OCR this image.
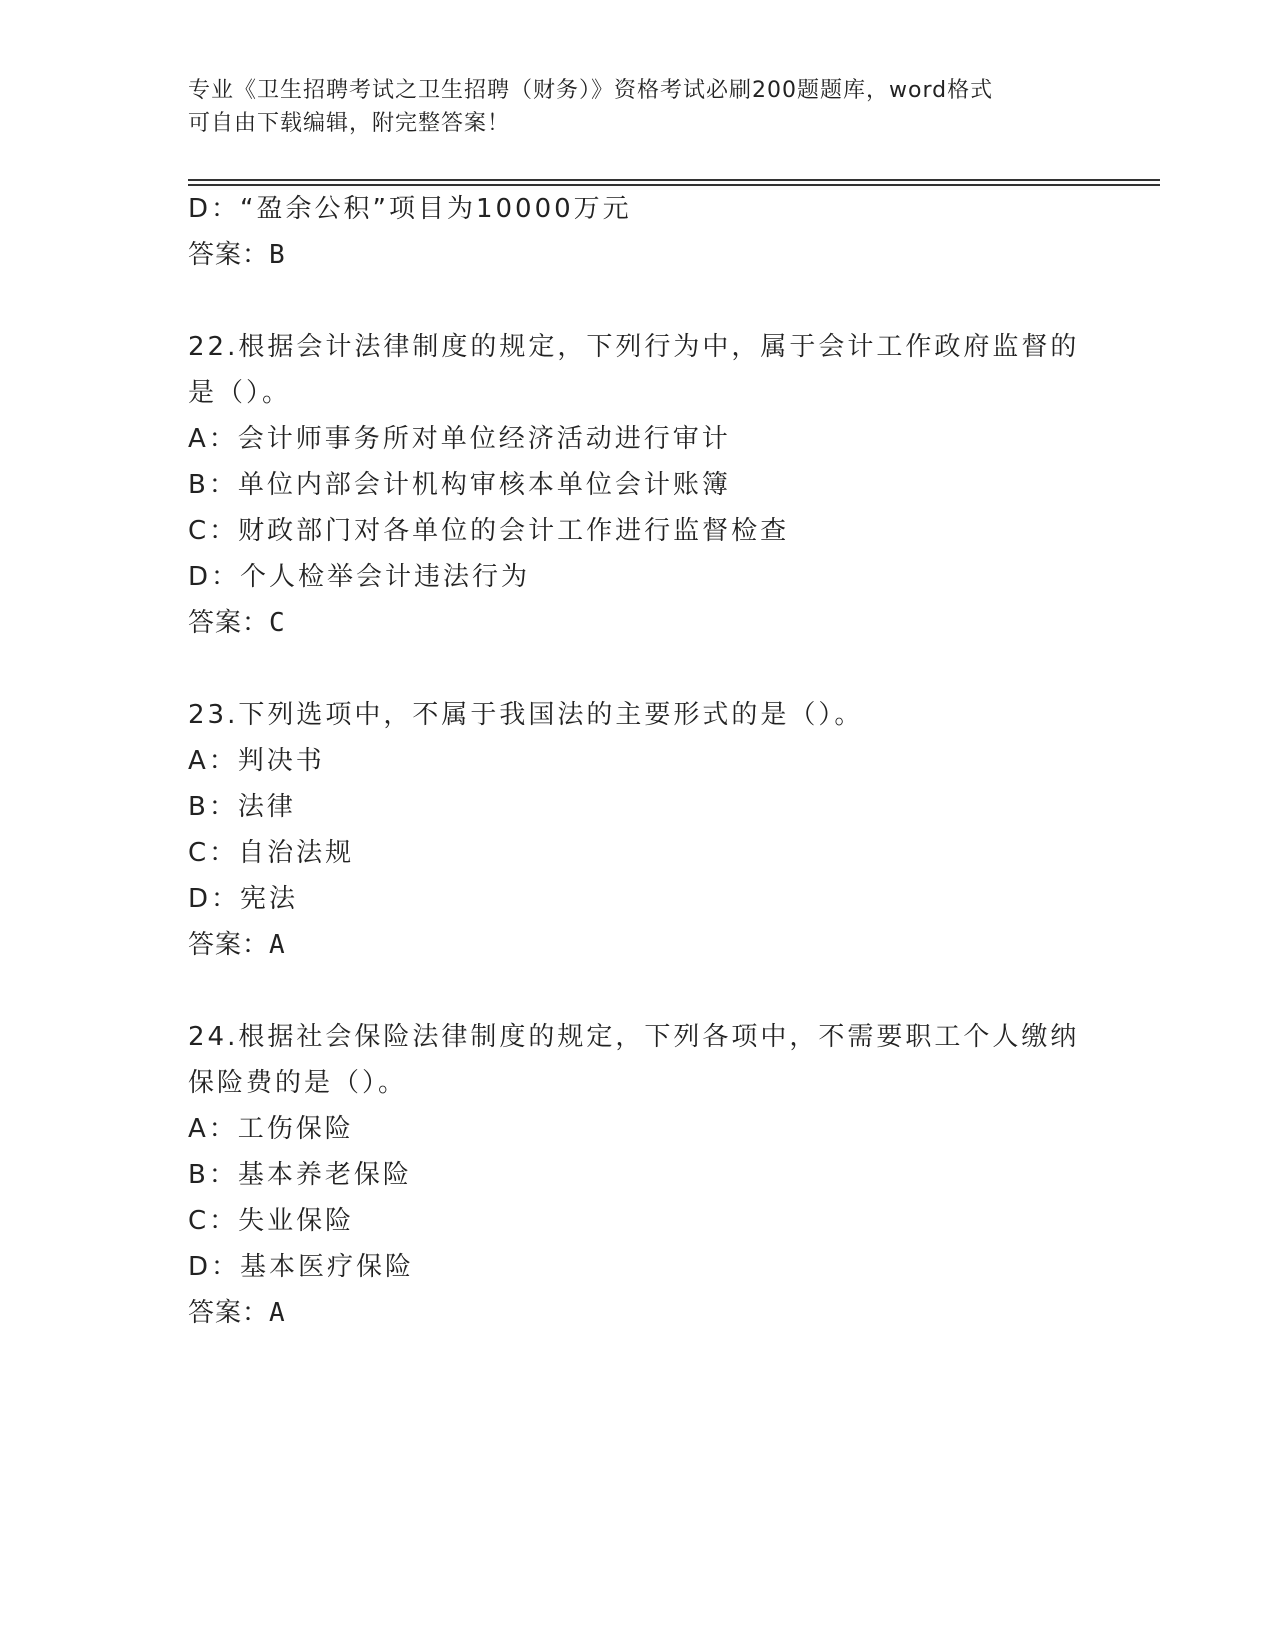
专业《卫生招聘考试之卫生招聘（财务）》资格考试必刷200题题库，word格式
可自由下载编辑，附完整答案！
D：“盈余公积”项目为10000万元
答案：B
22.根据会计法律制度的规定，下列行为中，属于会计工作政府监督的
是（）。
A：会计师事务所对单位经济活动进行审计
B：单位内部会计机构审核本单位会计账簿
C：财政部门对各单位的会计工作进行监督检查
D：个人检举会计违法行为
答案：C
23.下列选项中，不属于我国法的主要形式的是（）。
A：判决书
B：法律
C：自治法规
D：宪法
答案：A
24.根据社会保险法律制度的规定，下列各项中，不需要职工个人缴纳
保险费的是（）。
A：工伤保险
B：基本养老保险
C：失业保险
D：基本医疗保险
答案：A
